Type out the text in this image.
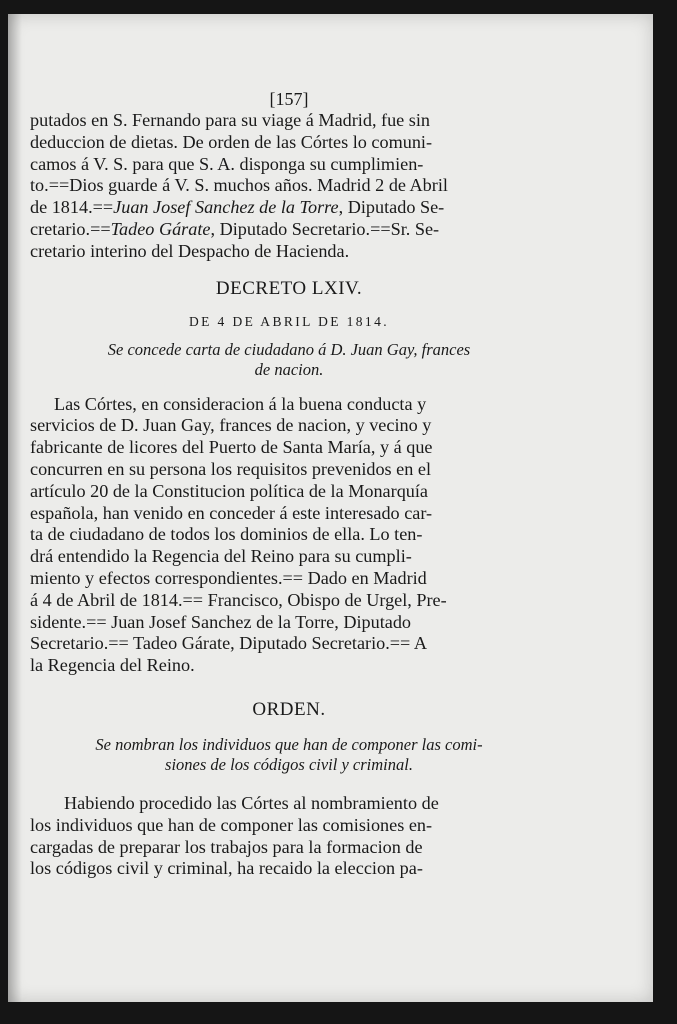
[157]
putados en S. Fernando para su viage á Madrid, fue sin
deduccion de dietas. De orden de las Córtes lo comuni-
camos á V. S. para que S. A. disponga su cumplimien-
to. == Dios guarde á V. S. muchos años. Madrid 2 de Abril
de 1814. == Juan Josef Sanchez de la Torre , Diputado Se-
cretario. == Tadeo Gárate , Diputado Secretario. == Sr. Se-
cretario interino del Despacho de Hacienda.
DECRETO LXIV.
DE 4 DE ABRIL DE 1814.
Se concede carta de ciudadano á D. Juan Gay, frances
de nacion.
Las Córtes, en consideracion á la buena conducta y
servicios de D. Juan Gay, frances de nacion, y vecino y
fabricante de licores del Puerto de Santa María, y á que
concurren en su persona los requisitos prevenidos en el
artículo 20 de la Constitucion política de la Monarquía
española, han venido en conceder á este interesado car-
ta de ciudadano de todos los dominios de ella. Lo ten-
drá entendido la Regencia del Reino para su cumpli-
miento y efectos correspondientes.== Dado en Madrid
á 4 de Abril de 1814.== Francisco, Obispo de Urgel, Pre-
sidente.== Juan Josef Sanchez de la Torre, Diputado
Secretario.== Tadeo Gárate, Diputado Secretario.== A
la Regencia del Reino.
ORDEN.
Se nombran los individuos que han de componer las comi-
siones de los códigos civil y criminal.
Habiendo procedido las Córtes al nombramiento de
los individuos que han de componer las comisiones en-
cargadas de preparar los trabajos para la formacion de
los códigos civil y criminal, ha recaido la eleccion pa-
